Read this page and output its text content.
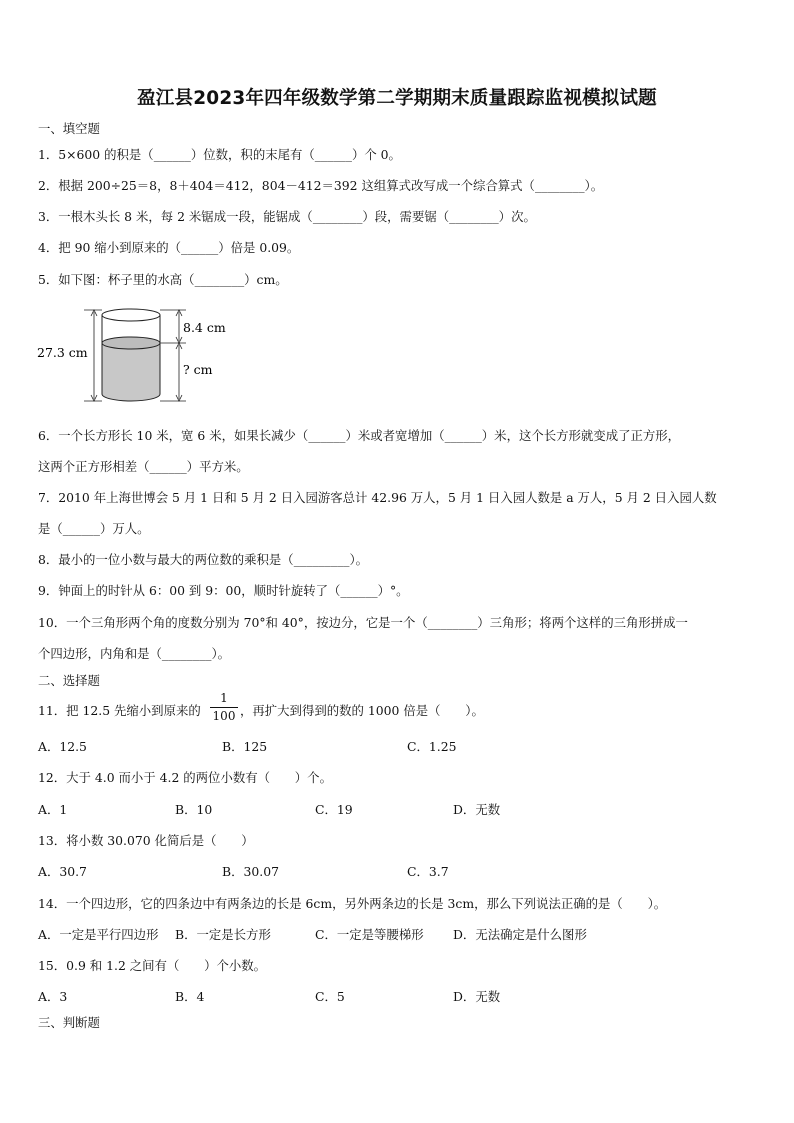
盈江县2023年四年级数学第二学期期末质量跟踪监视模拟试题
一、填空题
1．5×600 的积是（______）位数，积的末尾有（______）个 0。
2．根据 200÷25＝8，8＋404＝412，804－412＝392 这组算式改写成一个综合算式（________）。
3．一根木头长 8 米，每 2 米锯成一段，能锯成（________）段，需要锯（________）次。
4．把 90 缩小到原来的（______）倍是 0.09。
5．如下图：杯子里的水高（________）cm。
27.3 cm
8.4 cm
? cm
6．一个长方形长 10 米，宽 6 米，如果长减少（______）米或者宽增加（______）米，这个长方形就变成了正方形，
这两个正方形相差（______）平方米。
7．2010 年上海世博会 5 月 1 日和 5 月 2 日入园游客总计 42.96 万人，5 月 1 日入园人数是 a 万人，5 月 2 日入园人数
是（______）万人。
8．最小的一位小数与最大的两位数的乘积是（_________）。
9．钟面上的时针从 6：00 到 9：00，顺时针旋转了（______）°。
10．一个三角形两个角的度数分别为 70°和 40°，按边分，它是一个（________）三角形；将两个这样的三角形拼成一
个四边形，内角和是（________）。
二、选择题
11．把 12.5 先缩小到原来的 $\frac{1}{100}$ ，再扩大到得到的数的 1000 倍是（　　）。
A．12.5	B．125	C．1.25
12．大于 4.0 而小于 4.2 的两位小数有（　　）个。
A．1	B．10	C．19	D．无数
13．将小数 30.070 化简后是（　　）
A．30.7	B．30.07	C．3.7
14．一个四边形，它的四条边中有两条边的长是 6cm，另外两条边的长是 3cm，那么下列说法正确的是（　　）。
A．一定是平行四边形 B．一定是长方形	C．一定是等腰梯形 D．无法确定是什么图形
15．0.9 和 1.2 之间有（　　）个小数。
A．3	B．4	C．5	D．无数
三、判断题
